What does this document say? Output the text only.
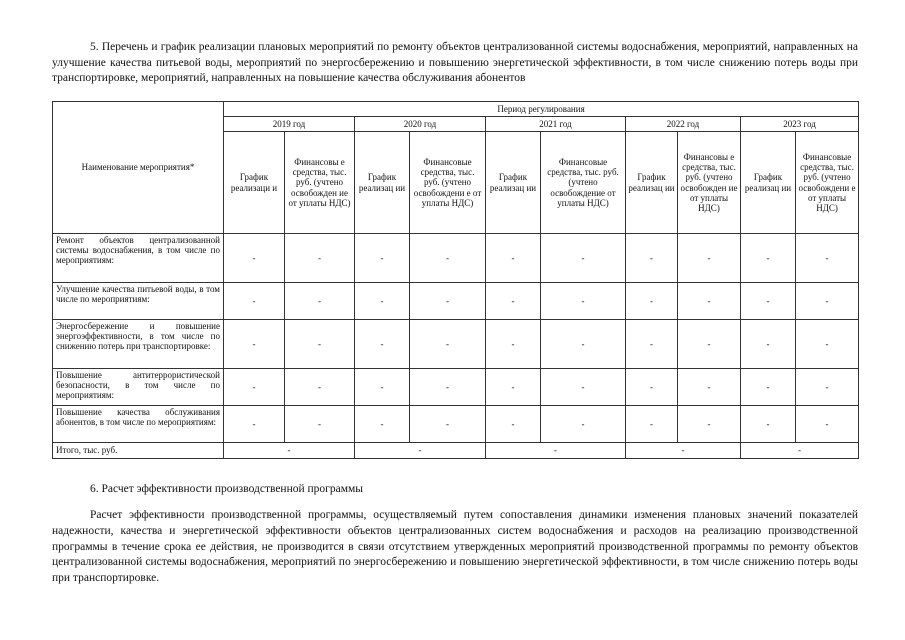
5. Перечень и график реализации плановых мероприятий по ремонту объектов централизованной системы водоснабжения, мероприятий, направленных на улучшение качества питьевой воды, мероприятий по энергосбережению и повышению энергетической эффективности, в том числе снижению потерь воды при транспортировке, мероприятий, направленных на повышение качества обслуживания абонентов
Наименование мероприятия*	Период регулирования									
	2019 год		2020 год		2021 год		2022 год		2023 год	
	График реализаци и	Финансовы е средства, тыс. руб. (учтено освобожден ие от уплаты НДС)	График реализац ии	Финансовые средства, тыс. руб. (учтено освобождени е от уплаты НДС)	График реализац ии	Финансовые средства, тыс. руб. (учтено освобождение от уплаты НДС)	График реализац ии	Финансовы е средства, тыс. руб. (учтено освобожден ие от уплаты НДС)	График реализац ии	Финансовые средства, тыс. руб. (учтено освобождени е от уплаты НДС)
Ремонт объектов централизованной системы водоснабжения, в том числе по мероприятиям:	-	-	-	-	-	-	-	-	-	-
Улучшение качества питьевой воды, в том числе по мероприятиям:	-	-	-	-	-	-	-	-	-	-
Энергосбережение и повышение энергоэффективности, в том числе по снижению потерь при транспортировке:	-	-	-	-	-	-	-	-	-	-
Повышение антитеррористической безопасности, в том числе по мероприятиям:	-	-	-	-	-	-	-	-	-	-
Повышение качества обслуживания абонентов, в том числе по мероприятиям:	-	-	-	-	-	-	-	-	-	-
Итого, тыс. руб.	-		-		-		-		-	
6. Расчет эффективности производственной программы
Расчет эффективности производственной программы, осуществляемый путем сопоставления динамики изменения плановых значений показателей надежности, качества и энергетической эффективности объектов централизованных систем водоснабжения и расходов на реализацию производственной программы в течение срока ее действия, не производится в связи отсутствием утвержденных мероприятий производственной программы по ремонту объектов централизованной системы водоснабжения, мероприятий по энергосбережению и повышению энергетической эффективности, в том числе снижению потерь воды при транспортировке.
